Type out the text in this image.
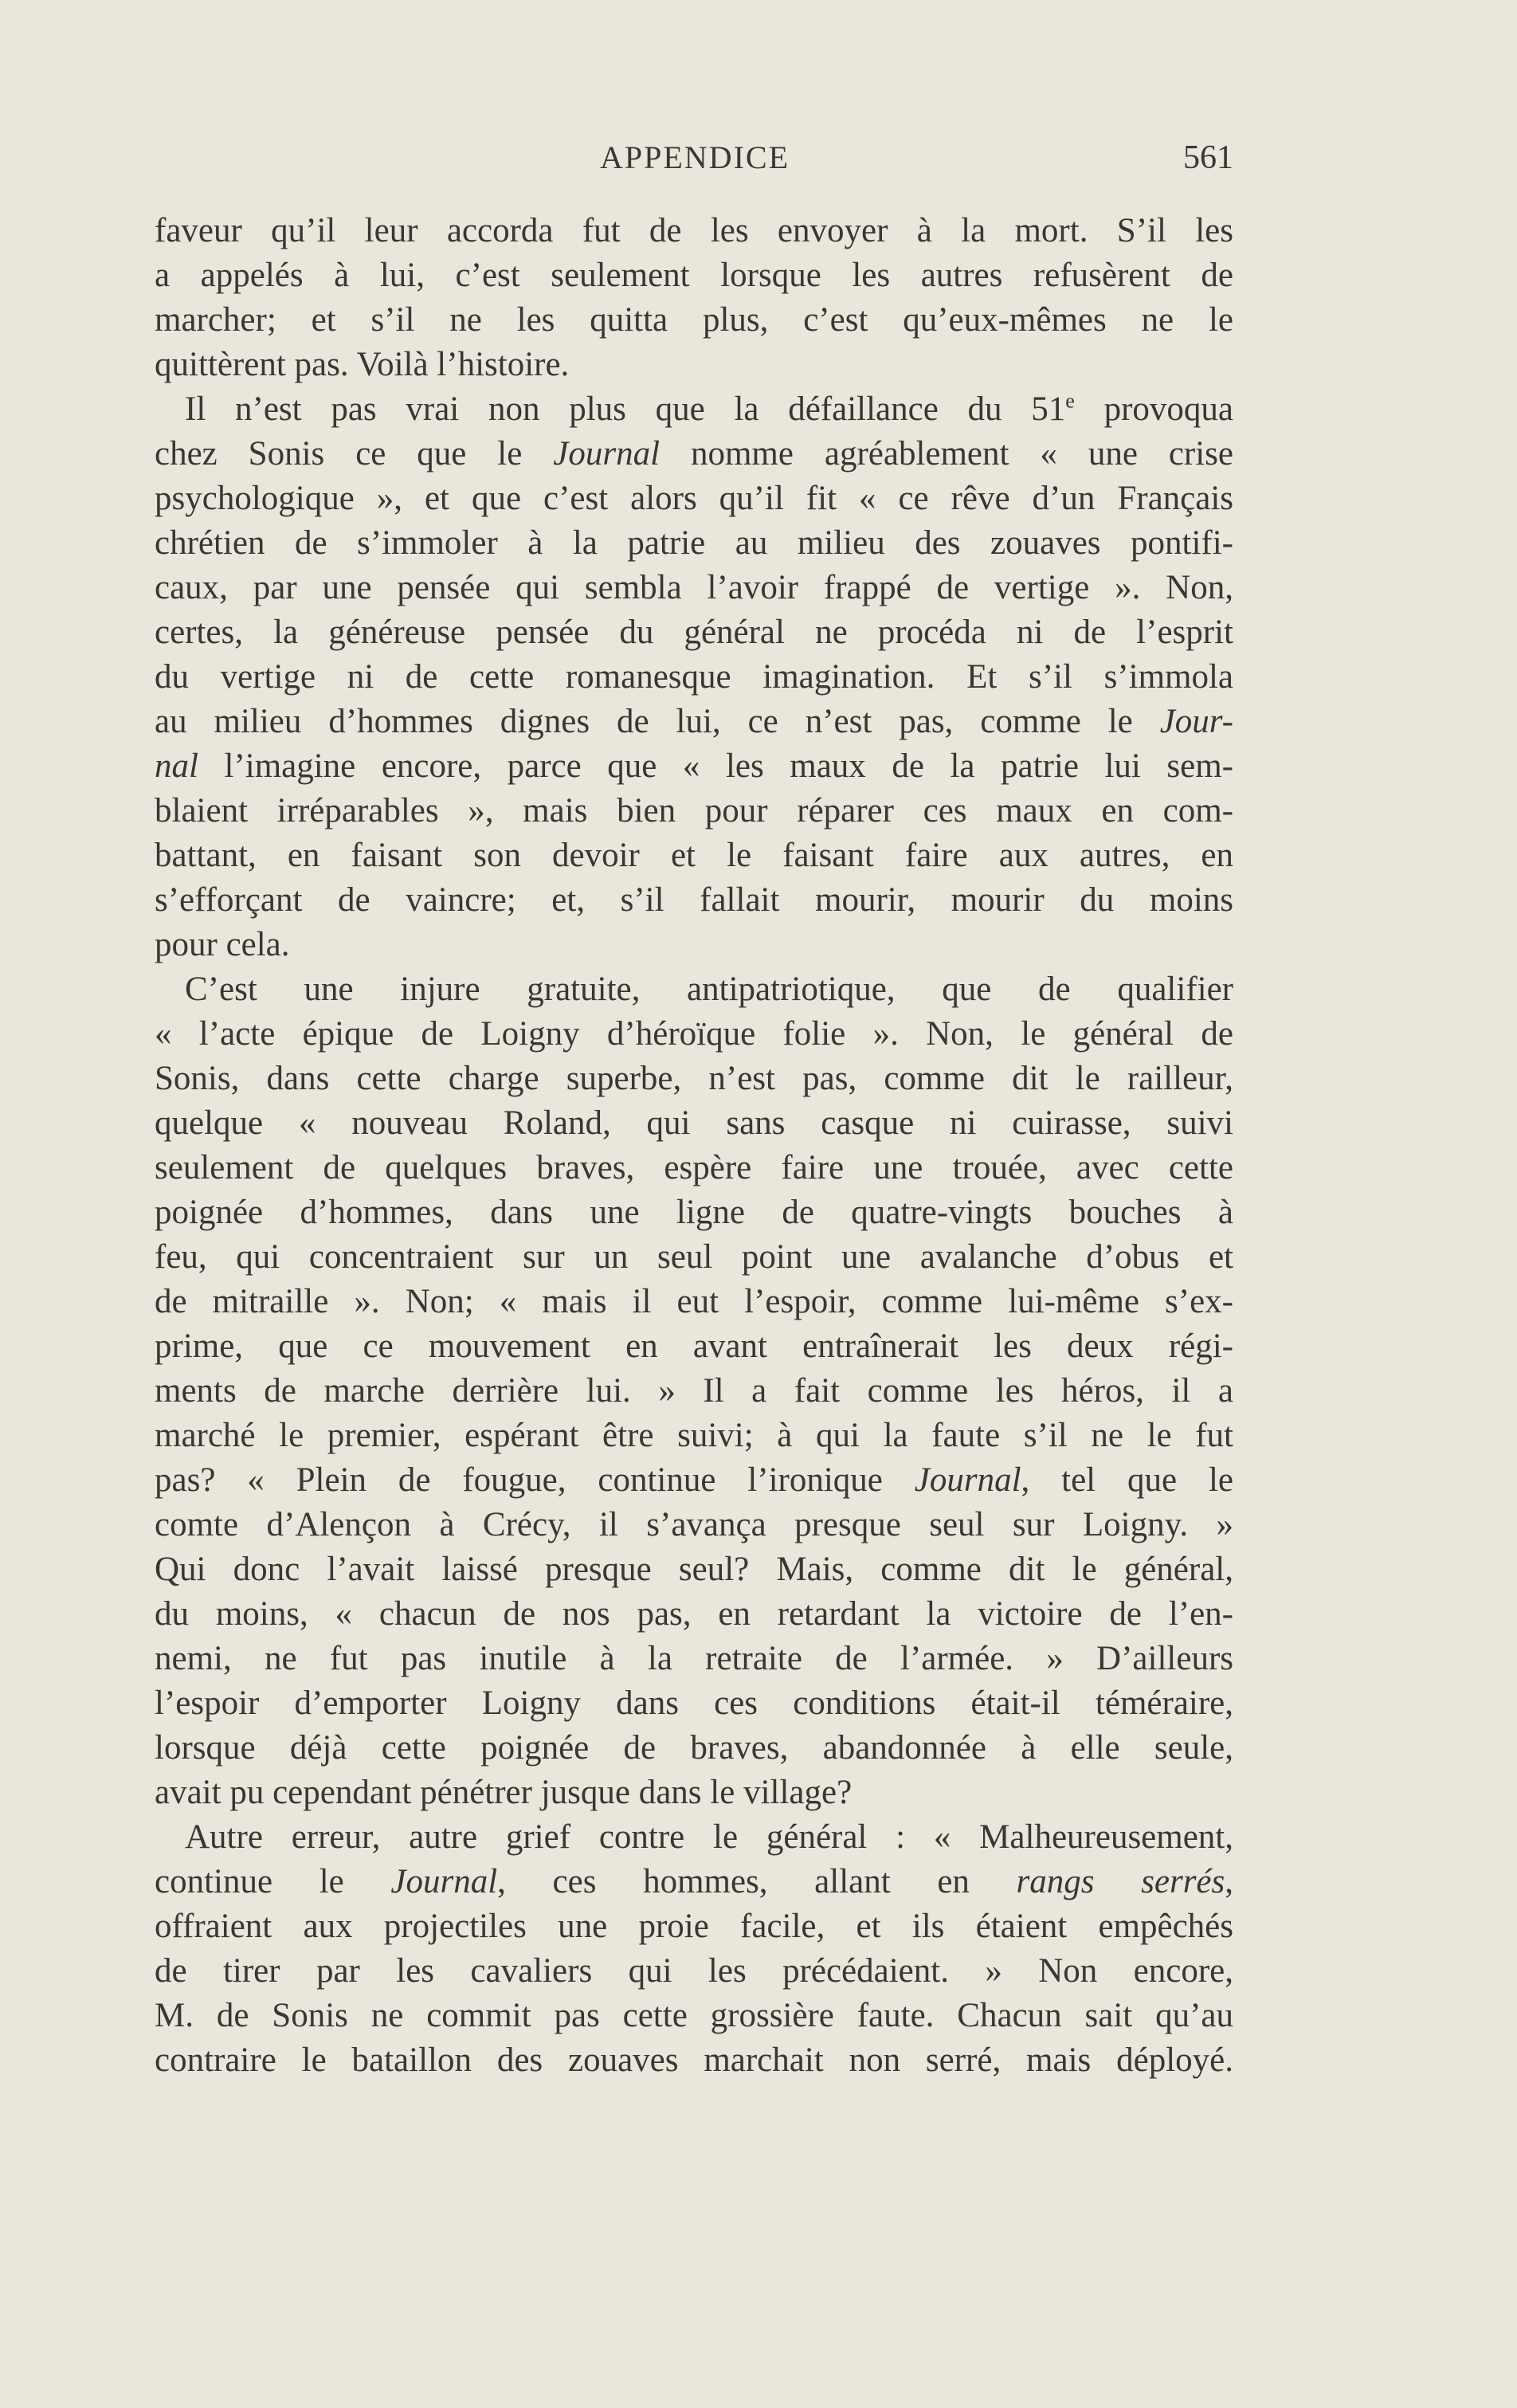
APPENDICE	561
faveur qu’il leur accorda fut de les envoyer à la mort. S’il les
a appelés à lui, c’est seulement lorsque les autres refusèrent de
marcher; et s’il ne les quitta plus, c’est qu’eux-mêmes ne le
quittèrent pas. Voilà l’histoire.
Il n’est pas vrai non plus que la défaillance du 51e provoqua
chez Sonis ce que le Journal nomme agréablement « une crise
psychologique », et que c’est alors qu’il fit « ce rêve d’un Français
chrétien de s’immoler à la patrie au milieu des zouaves pontifi-
caux, par une pensée qui sembla l’avoir frappé de vertige ». Non,
certes, la généreuse pensée du général ne procéda ni de l’esprit
du vertige ni de cette romanesque imagination. Et s’il s’immola
au milieu d’hommes dignes de lui, ce n’est pas, comme le Jour-
nal l’imagine encore, parce que « les maux de la patrie lui sem-
blaient irréparables », mais bien pour réparer ces maux en com-
battant, en faisant son devoir et le faisant faire aux autres, en
s’efforçant de vaincre; et, s’il fallait mourir, mourir du moins
pour cela.
C’est une injure gratuite, antipatriotique, que de qualifier
« l’acte épique de Loigny d’héroïque folie ». Non, le général de
Sonis, dans cette charge superbe, n’est pas, comme dit le railleur,
quelque « nouveau Roland, qui sans casque ni cuirasse, suivi
seulement de quelques braves, espère faire une trouée, avec cette
poignée d’hommes, dans une ligne de quatre-vingts bouches à
feu, qui concentraient sur un seul point une avalanche d’obus et
de mitraille ». Non; « mais il eut l’espoir, comme lui-même s’ex-
prime, que ce mouvement en avant entraînerait les deux régi-
ments de marche derrière lui. » Il a fait comme les héros, il a
marché le premier, espérant être suivi; à qui la faute s’il ne le fut
pas? « Plein de fougue, continue l’ironique Journal, tel que le
comte d’Alençon à Crécy, il s’avança presque seul sur Loigny. »
Qui donc l’avait laissé presque seul? Mais, comme dit le général,
du moins, « chacun de nos pas, en retardant la victoire de l’en-
nemi, ne fut pas inutile à la retraite de l’armée. » D’ailleurs
l’espoir d’emporter Loigny dans ces conditions était-il téméraire,
lorsque déjà cette poignée de braves, abandonnée à elle seule,
avait pu cependant pénétrer jusque dans le village?
Autre erreur, autre grief contre le général : « Malheureusement,
continue le Journal, ces hommes, allant en rangs serrés,
offraient aux projectiles une proie facile, et ils étaient empêchés
de tirer par les cavaliers qui les précédaient. » Non encore,
M. de Sonis ne commit pas cette grossière faute. Chacun sait qu’au
contraire le bataillon des zouaves marchait non serré, mais déployé.
